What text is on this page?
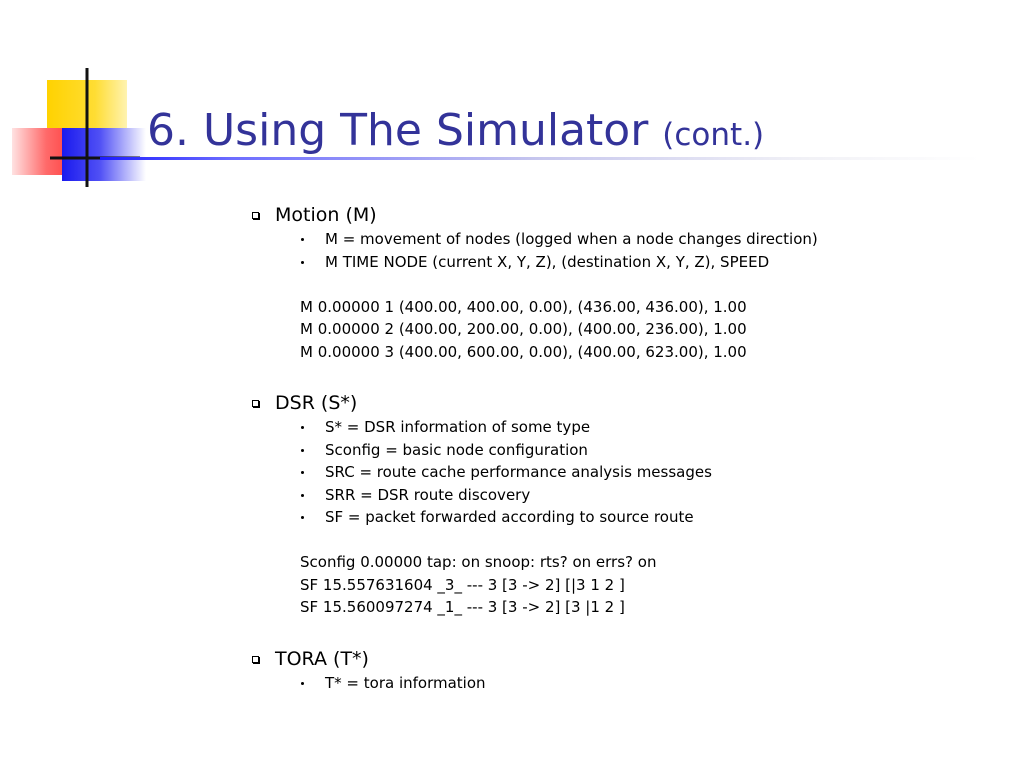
6. Using The Simulator (cont.)
Motion (M)
M = movement of nodes (logged when a node changes direction)
M TIME NODE (current X, Y, Z), (destination X, Y, Z), SPEED
M 0.00000 1 (400.00, 400.00, 0.00), (436.00, 436.00), 1.00
M 0.00000 2 (400.00, 200.00, 0.00), (400.00, 236.00), 1.00
M 0.00000 3 (400.00, 600.00, 0.00), (400.00, 623.00), 1.00
DSR (S*)
S* = DSR information of some type
Sconfig = basic node configuration
SRC = route cache performance analysis messages
SRR = DSR route discovery
SF = packet forwarded according to source route
Sconfig 0.00000 tap: on snoop: rts? on errs? on
SF 15.557631604 _3_ --- 3 [3 -> 2] [|3 1 2 ]
SF 15.560097274 _1_ --- 3 [3 -> 2] [3 |1 2 ]
TORA (T*)
T* = tora information
